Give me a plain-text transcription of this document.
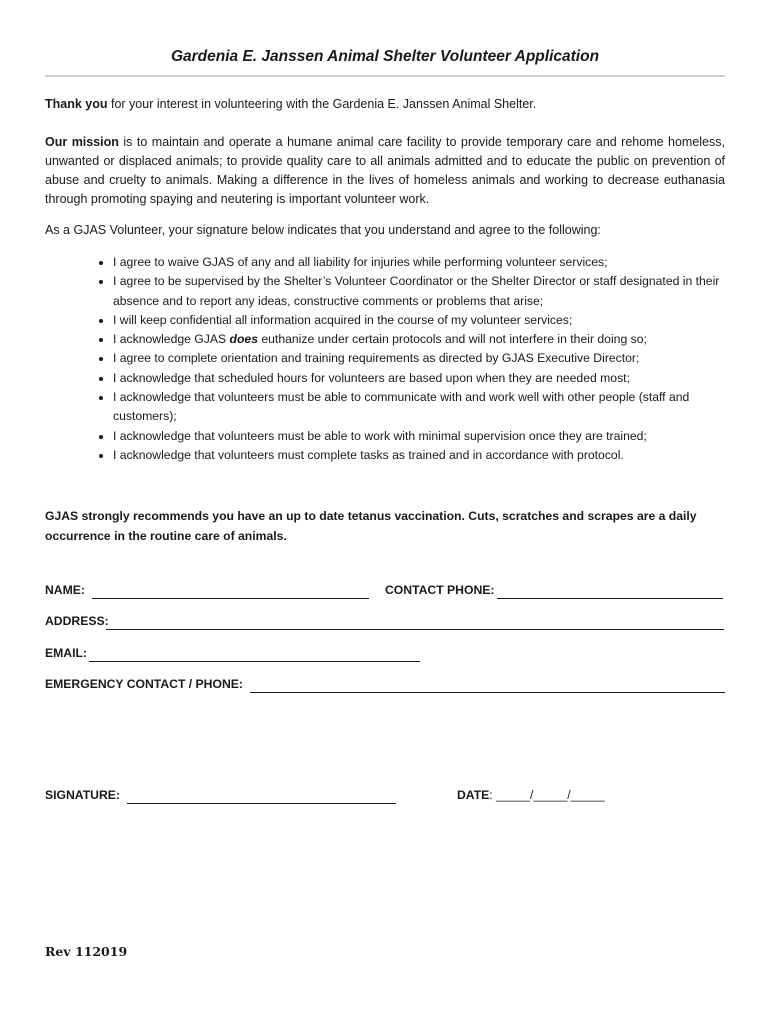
Gardenia E. Janssen Animal Shelter Volunteer Application
Thank you for your interest in volunteering with the Gardenia E. Janssen Animal Shelter.
Our mission is to maintain and operate a humane animal care facility to provide temporary care and rehome homeless, unwanted or displaced animals; to provide quality care to all animals admitted and to educate the public on prevention of abuse and cruelty to animals. Making a difference in the lives of homeless animals and working to decrease euthanasia through promoting spaying and neutering is important volunteer work.
As a GJAS Volunteer, your signature below indicates that you understand and agree to the following:
• I agree to waive GJAS of any and all liability for injuries while performing volunteer services;
• I agree to be supervised by the Shelter’s Volunteer Coordinator or the Shelter Director or staff designated in their absence and to report any ideas, constructive comments or problems that arise;
• I will keep confidential all information acquired in the course of my volunteer services;
• I acknowledge GJAS does euthanize under certain protocols and will not interfere in their doing so;
• I agree to complete orientation and training requirements as directed by GJAS Executive Director;
• I acknowledge that scheduled hours for volunteers are based upon when they are needed most;
• I acknowledge that volunteers must be able to communicate with and work well with other people (staff and customers);
• I acknowledge that volunteers must be able to work with minimal supervision once they are trained;
• I acknowledge that volunteers must complete tasks as trained and in accordance with protocol.
GJAS strongly recommends you have an up to date tetanus vaccination. Cuts, scratches and scrapes are a daily occurrence in the routine care of animals.
NAME:	CONTACT PHONE:
ADDRESS:
EMAIL:
EMERGENCY CONTACT / PHONE:
SIGNATURE:	DATE: _____/_____/_____
Rev 112019
